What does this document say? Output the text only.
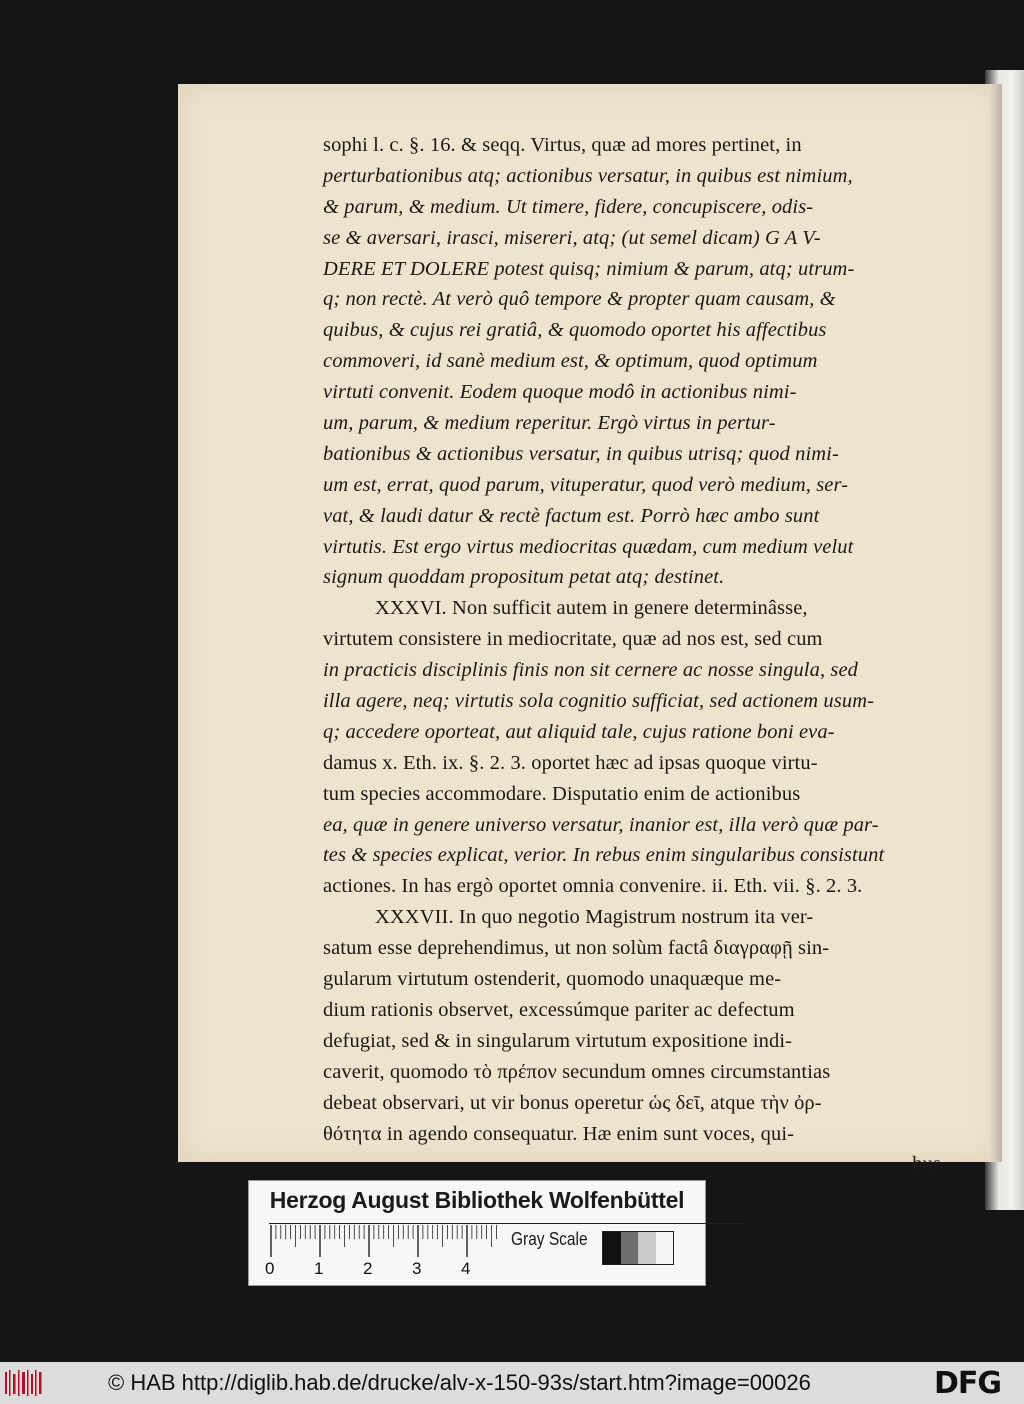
sophi l. c. §. 16. & seqq. Virtus, quæ ad mores pertinet, in
perturbationibus atq; actionibus versatur, in quibus est nimium,
& parum, & medium. Ut timere, fidere, concupiscere, odis-
se & aversari, irasci, misereri, atq; (ut semel dicam) G A V-
DERE ET DOLERE potest quisq; nimium & parum, atq; utrum-
q; non rectè. At verò quô tempore & propter quam causam, &
quibus, & cujus rei gratiâ, & quomodo oportet his affectibus
commoveri, id sanè medium est, & optimum, quod optimum
virtuti convenit. Eodem quoque modô in actionibus nimi-
um, parum, & medium reperitur. Ergò virtus in pertur-
bationibus & actionibus versatur, in quibus utrisq; quod nimi-
um est, errat, quod parum, vituperatur, quod verò medium, ser-
vat, & laudi datur & rectè factum est. Porrò hæc ambo sunt
virtutis. Est ergo virtus mediocritas quædam, cum medium velut
signum quoddam propositum petat atq; destinet.
XXXVI. Non sufficit autem in genere determinâsse,
virtutem consistere in mediocritate, quæ ad nos est, sed cum
in practicis disciplinis finis non sit cernere ac nosse singula, sed
illa agere, neq; virtutis sola cognitio sufficiat, sed actionem usum-
q; accedere oporteat, aut aliquid tale, cujus ratione boni eva-
damus x. Eth. ix. §. 2. 3. oportet hæc ad ipsas quoque virtu-
tum species accommodare. Disputatio enim de actionibus
ea, quæ in genere universo versatur, inanior est, illa verò quæ par-
tes & species explicat, verior. In rebus enim singularibus consistunt
actiones. In has ergò oportet omnia convenire. ii. Eth. vii. §. 2. 3.
XXXVII. In quo negotio Magistrum nostrum ita ver-
satum esse deprehendimus, ut non solùm factâ διαγραφῇ sin-
gularum virtutum ostenderit, quomodo unaquæque me-
dium rationis observet, excessúmque pariter ac defectum
defugiat, sed & in singularum virtutum expositione indi-
caverit, quomodo τὸ πρέπον secundum omnes circumstantias
debeat observari, ut vir bonus operetur ὡς δεῖ, atque τὴν ὀρ-
θότητα in agendo consequatur. Hæ enim sunt voces, qui-
bus
Herzog August Bibliothek Wolfenbüttel
Gray Scale
0 1 2 3 4
© HAB http://diglib.hab.de/drucke/alv-x-150-93s/start.htm?image=00026	DFG
